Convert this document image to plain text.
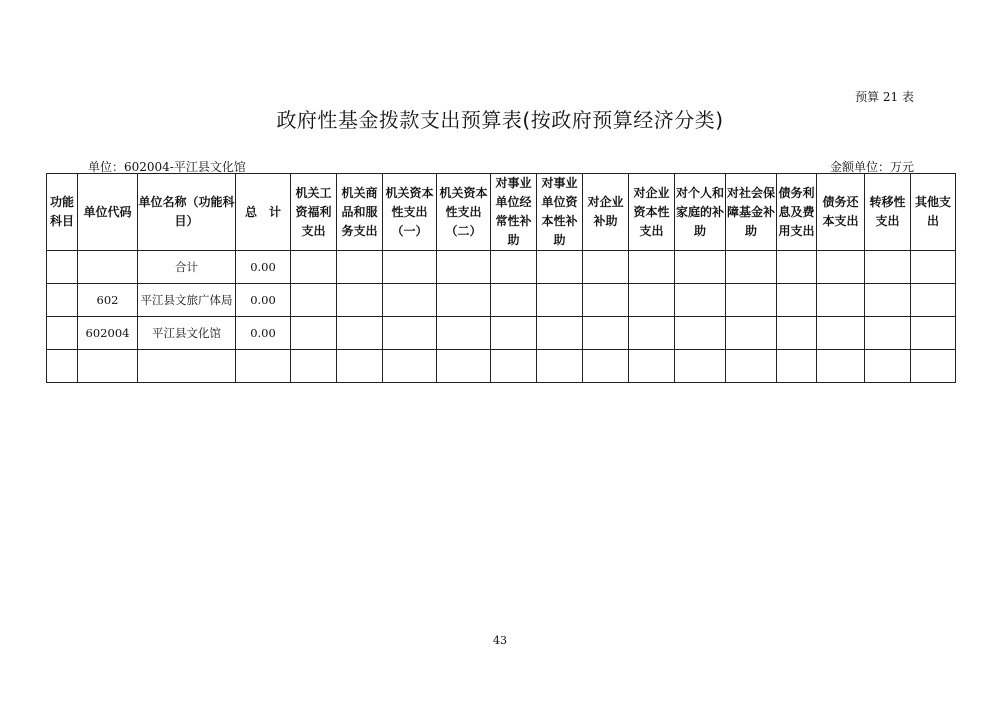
预算 21 表
政府性基金拨款支出预算表(按政府预算经济分类)
单位：602004-平江县文化馆	金额单位：万元
功能科目	单位代码	单位名称（功能科目）	总　计	机关工资福利支出	机关商品和服务支出	机关资本性支出（一）	机关资本性支出（二）	对事业单位经常性补助	对事业单位资本性补助	对企业补助	对企业资本性支出	对个人和家庭的补助	对社会保障基金补助	债务利息及费用支出	债务还本支出	转移性支出	其他支出
		合计	0.00														
	602	平江县文旅广体局	0.00														
	602004	平江县文化馆	0.00														

43
